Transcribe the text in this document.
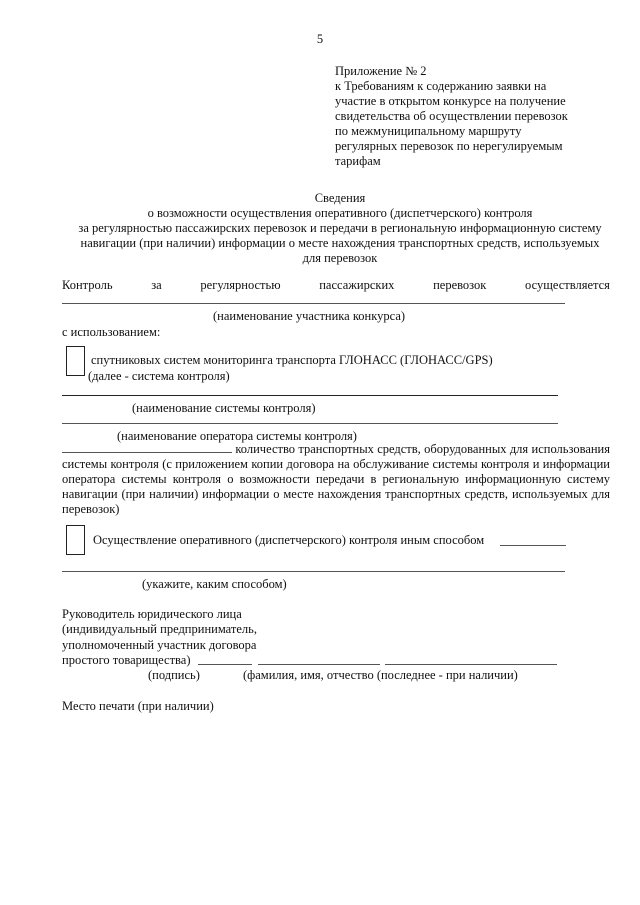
5
Приложение № 2
к Требованиям к содержанию заявки на
участие в открытом конкурсе на получение
свидетельства об осуществлении перевозок
по межмуниципальному маршруту
регулярных перевозок по нерегулируемым
тарифам
Сведения
о возможности осуществления оперативного (диспетчерского) контроля
за регулярностью пассажирских перевозок и передачи в региональную информационную систему
навигации (при наличии) информации о месте нахождения транспортных средств, используемых
для перевозок
Контроль	за	регулярностью	пассажирских	перевозок	осуществляется
(наименование участника конкурса)
с использованием:
спутниковых систем мониторинга транспорта ГЛОНАСС (ГЛОНАСС/GPS)
(далее - система контроля)
(наименование системы контроля)
(наименование оператора системы контроля)
количество транспортных средств, оборудованных для использования системы контроля (с приложением копии договора на обслуживание системы контроля и информации оператора системы контроля о возможности передачи в региональную информационную систему навигации (при наличии) информации о месте нахождения транспортных средств, используемых для перевозок)
Осуществление оперативного (диспетчерского) контроля иным способом
(укажите, каким способом)
Руководитель юридического лица
(индивидуальный предприниматель,
уполномоченный участник договора
простого товарищества)
(подпись)	(фамилия, имя, отчество (последнее - при наличии)
Место печати (при наличии)
